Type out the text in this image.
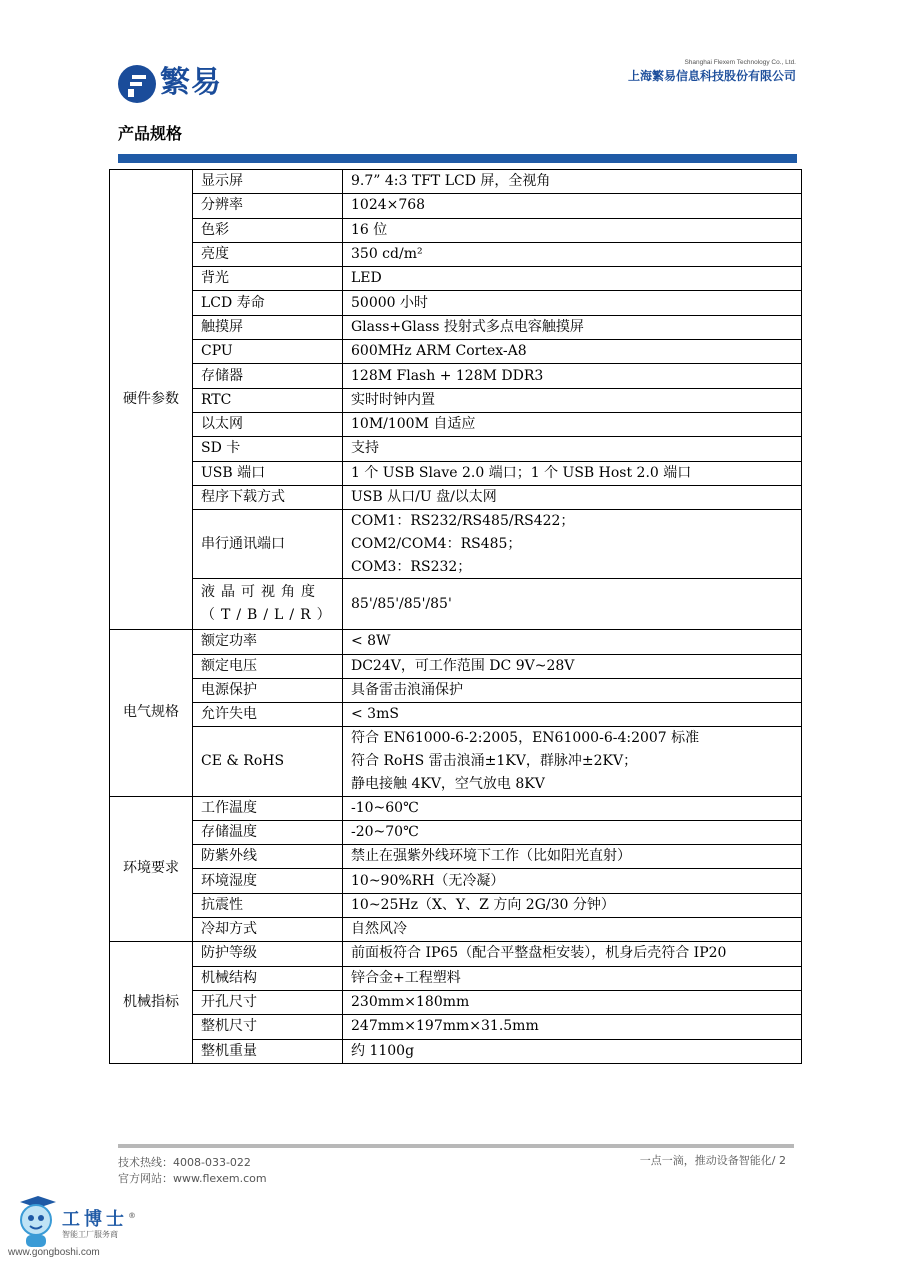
繁易
Shanghai Flexem Technology Co., Ltd.
上海繁易信息科技股份有限公司
产品规格
硬件参数	显示屏	9.7” 4:3 TFT LCD 屏，全视角
	分辨率	1024×768
	色彩	16 位
	亮度	350 cd/m²
	背光	LED
	LCD 寿命	50000 小时
	触摸屏	Glass+Glass 投射式多点电容触摸屏
	CPU	600MHz ARM Cortex-A8
	存储器	128M Flash + 128M DDR3
	RTC	实时时钟内置
	以太网	10M/100M 自适应
	SD 卡	支持
	USB 端口	1 个 USB Slave 2.0 端口；1 个 USB Host 2.0 端口
	程序下载方式	USB 从口/U 盘/以太网
	串行通讯端口	COM1：RS232/RS485/RS422；
COM2/COM4：RS485；
COM3：RS232；

	液晶可视角度
（T/B/L/R）	85'/85'/85'/85'
电气规格	额定功率	< 8W
	额定电压	DC24V，可工作范围 DC 9V~28V
	电源保护	具备雷击浪涌保护
	允许失电	< 3mS
	CE & RoHS	符合 EN61000-6-2:2005，EN61000-6-4:2007 标准
符合 RoHS 雷击浪涌±1KV，群脉冲±2KV；
静电接触 4KV，空气放电 8KV

环境要求	工作温度	-10~60℃
	存储温度	-20~70℃
	防紫外线	禁止在强紫外线环境下工作（比如阳光直射）
	环境湿度	10~90%RH（无冷凝）
	抗震性	10~25Hz（X、Y、Z 方向 2G/30 分钟）
	冷却方式	自然风冷
机械指标	防护等级	前面板符合 IP65（配合平整盘柜安装），机身后壳符合 IP20
	机械结构	锌合金+工程塑料
	开孔尺寸	230mm×180mm
	整机尺寸	247mm×197mm×31.5mm
	整机重量	约 1100g
技术热线：4008-033-022
官方网站：www.flexem.com
一点一滴，推动设备智能化/ 2
工博士®
智能工厂服务商
www.gongboshi.com
